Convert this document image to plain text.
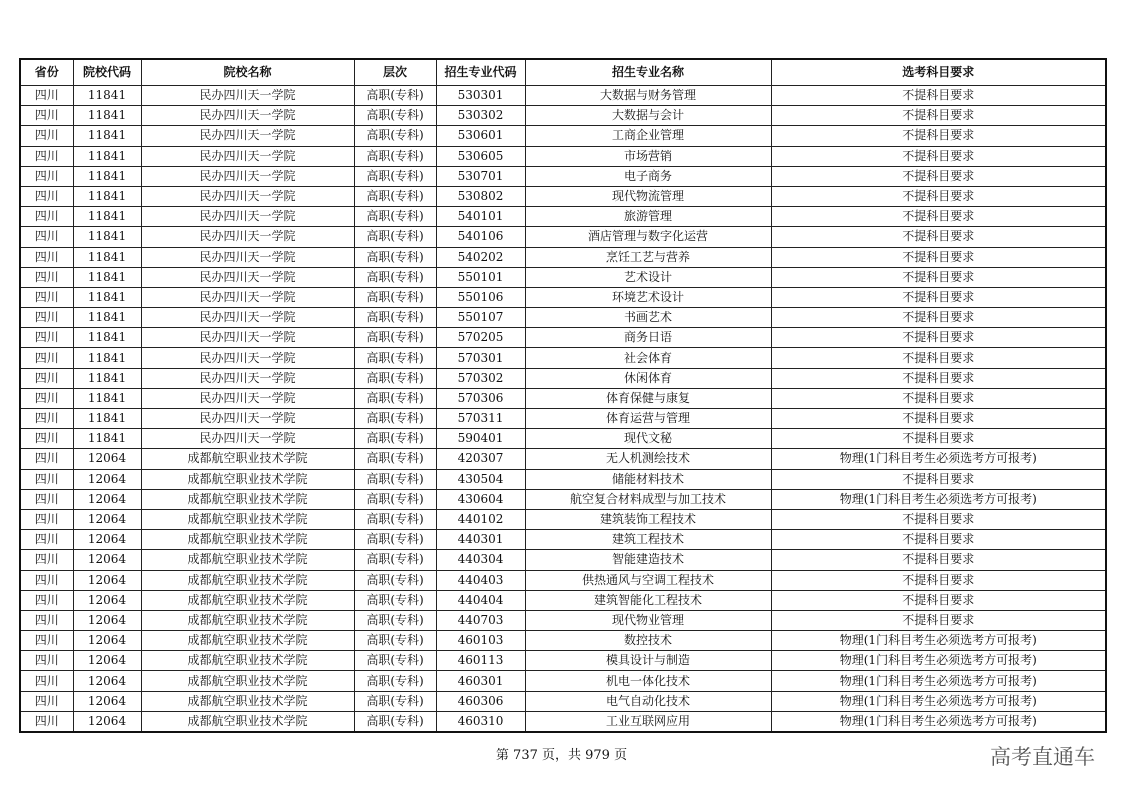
省份	院校代码	院校名称	层次	招生专业代码	招生专业名称	选考科目要求
四川	11841	民办四川天一学院	高职(专科)	530301	大数据与财务管理	不提科目要求
四川	11841	民办四川天一学院	高职(专科)	530302	大数据与会计	不提科目要求
四川	11841	民办四川天一学院	高职(专科)	530601	工商企业管理	不提科目要求
四川	11841	民办四川天一学院	高职(专科)	530605	市场营销	不提科目要求
四川	11841	民办四川天一学院	高职(专科)	530701	电子商务	不提科目要求
四川	11841	民办四川天一学院	高职(专科)	530802	现代物流管理	不提科目要求
四川	11841	民办四川天一学院	高职(专科)	540101	旅游管理	不提科目要求
四川	11841	民办四川天一学院	高职(专科)	540106	酒店管理与数字化运营	不提科目要求
四川	11841	民办四川天一学院	高职(专科)	540202	烹饪工艺与营养	不提科目要求
四川	11841	民办四川天一学院	高职(专科)	550101	艺术设计	不提科目要求
四川	11841	民办四川天一学院	高职(专科)	550106	环境艺术设计	不提科目要求
四川	11841	民办四川天一学院	高职(专科)	550107	书画艺术	不提科目要求
四川	11841	民办四川天一学院	高职(专科)	570205	商务日语	不提科目要求
四川	11841	民办四川天一学院	高职(专科)	570301	社会体育	不提科目要求
四川	11841	民办四川天一学院	高职(专科)	570302	休闲体育	不提科目要求
四川	11841	民办四川天一学院	高职(专科)	570306	体育保健与康复	不提科目要求
四川	11841	民办四川天一学院	高职(专科)	570311	体育运营与管理	不提科目要求
四川	11841	民办四川天一学院	高职(专科)	590401	现代文秘	不提科目要求
四川	12064	成都航空职业技术学院	高职(专科)	420307	无人机测绘技术	物理(1门科目考生必须选考方可报考)
四川	12064	成都航空职业技术学院	高职(专科)	430504	储能材料技术	不提科目要求
四川	12064	成都航空职业技术学院	高职(专科)	430604	航空复合材料成型与加工技术	物理(1门科目考生必须选考方可报考)
四川	12064	成都航空职业技术学院	高职(专科)	440102	建筑装饰工程技术	不提科目要求
四川	12064	成都航空职业技术学院	高职(专科)	440301	建筑工程技术	不提科目要求
四川	12064	成都航空职业技术学院	高职(专科)	440304	智能建造技术	不提科目要求
四川	12064	成都航空职业技术学院	高职(专科)	440403	供热通风与空调工程技术	不提科目要求
四川	12064	成都航空职业技术学院	高职(专科)	440404	建筑智能化工程技术	不提科目要求
四川	12064	成都航空职业技术学院	高职(专科)	440703	现代物业管理	不提科目要求
四川	12064	成都航空职业技术学院	高职(专科)	460103	数控技术	物理(1门科目考生必须选考方可报考)
四川	12064	成都航空职业技术学院	高职(专科)	460113	模具设计与制造	物理(1门科目考生必须选考方可报考)
四川	12064	成都航空职业技术学院	高职(专科)	460301	机电一体化技术	物理(1门科目考生必须选考方可报考)
四川	12064	成都航空职业技术学院	高职(专科)	460306	电气自动化技术	物理(1门科目考生必须选考方可报考)
四川	12064	成都航空职业技术学院	高职(专科)	460310	工业互联网应用	物理(1门科目考生必须选考方可报考)
第 737 页，共 979 页	高考直通车
